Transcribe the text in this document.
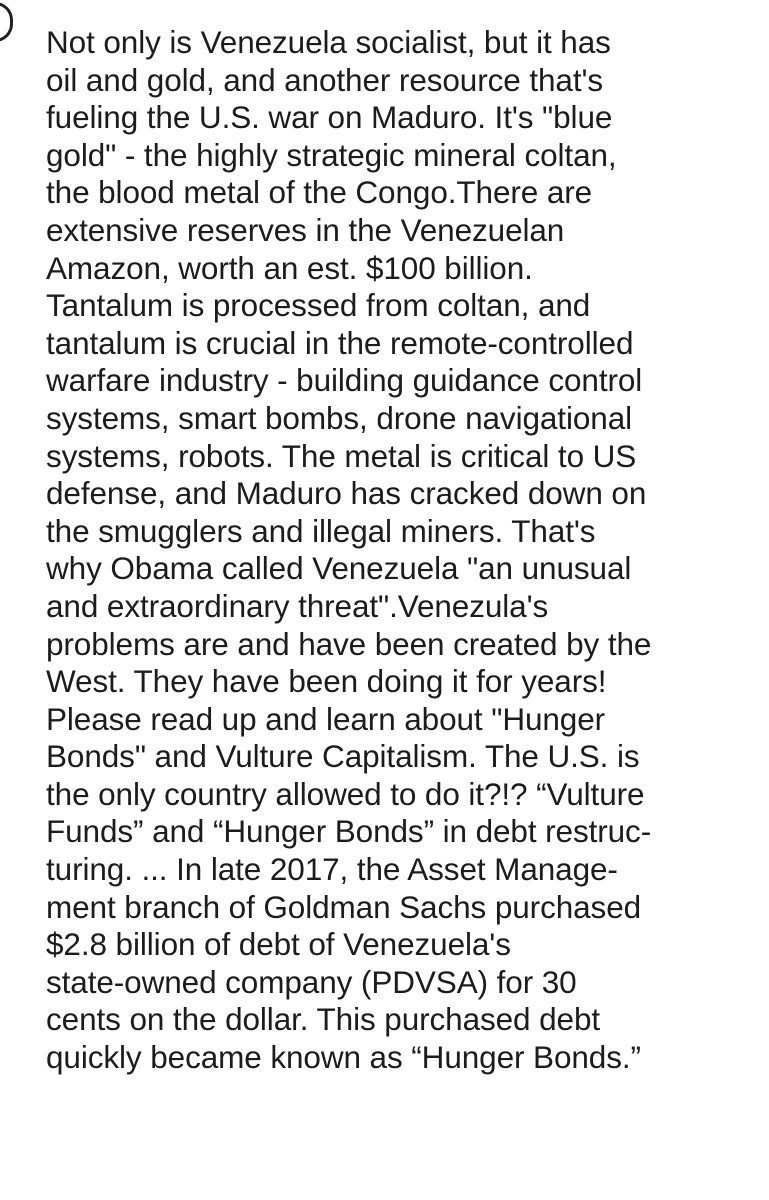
Not only is Venezuela socialist, but it has
oil and gold, and another resource that's
fueling the U.S. war on Maduro. It's "blue
gold" - the highly strategic mineral coltan,
the blood metal of the Congo.There are
extensive reserves in the Venezuelan
Amazon, worth an est. $100 billion.
Tantalum is processed from coltan, and
tantalum is crucial in the remote-controlled
warfare industry - building guidance control
systems, smart bombs, drone navigational
systems, robots. The metal is critical to US
defense, and Maduro has cracked down on
the smugglers and illegal miners. That's
why Obama called Venezuela "an unusual
and extraordinary threat".Venezula's
problems are and have been created by the
West. They have been doing it for years!
Please read up and learn about "Hunger
Bonds" and Vulture Capitalism. The U.S. is
the only country allowed to do it?!? “Vulture
Funds” and “Hunger Bonds” in debt restruc-
turing. ... In late 2017, the Asset Manage-
ment branch of Goldman Sachs purchased
$2.8 billion of debt of Venezuela's
state-owned company (PDVSA) for 30
cents on the dollar. This purchased debt
quickly became known as “Hunger Bonds.”
